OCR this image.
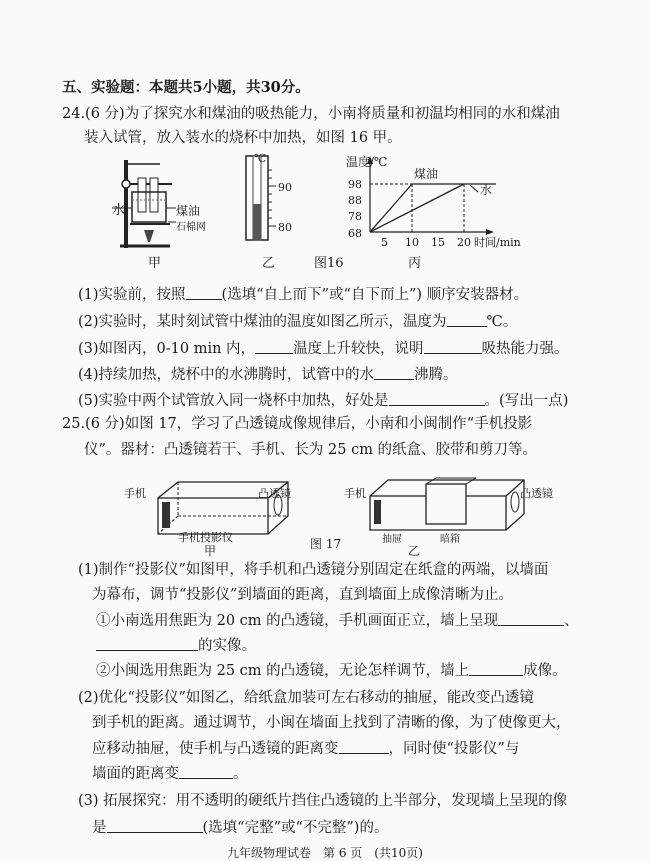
五、实验题：本题共5小题，共30分。
24.(6 分)为了探究水和煤油的吸热能力，小南将质量和初温均相同的水和煤油
装入试管，放入装水的烧杯中加热，如图 16 甲。
水	煤油
石棉网
甲
℃
90
80
乙	图16
温度/℃
煤油
水
98
88
78
68
5 10 15 20 时间/min
丙
(1)实验前，按照 (选填“自上而下”或“自下而上”) 顺序安装器材。
(2)实验时，某时刻试管中煤油的温度如图乙所示，温度为	℃。
(3)如图丙，0-10 min 内，	温度上升较快，说明	吸热能力强。
(4)持续加热，烧杯中的水沸腾时，试管中的水	沸腾。
(5)实验中两个试管放入同一烧杯中加热，好处是	。(写出一点)
25.(6 分)如图 17，学习了凸透镜成像规律后，小南和小闽制作“手机投影
仪”。器材：凸透镜若干、手机、长为 25 cm 的纸盒、胶带和剪刀等。
手机	凸透镜
手机投影仪
甲	图 17
手机	凸透镜
抽屉	暗箱
乙
(1)制作“投影仪”如图甲，将手机和凸透镜分别固定在纸盒的两端，以墙面
为幕布，调节“投影仪”到墙面的距离，直到墙面上成像清晰为止。
①小南选用焦距为 20 cm 的凸透镜，手机画面正立，墙上呈现	、
的实像。
②小闽选用焦距为 25 cm 的凸透镜，无论怎样调节，墙上	成像。
(2)优化“投影仪”如图乙，给纸盒加装可左右移动的抽屉，能改变凸透镜
到手机的距离。通过调节，小闽在墙面上找到了清晰的像，为了使像更大，
应移动抽屉，使手机与凸透镜的距离变	，同时使“投影仪”与
墙面的距离变	。
(3) 拓展探究：用不透明的硬纸片挡住凸透镜的上半部分，发现墙上呈现的像
是	(选填“完整”或“不完整”)的。
九年级物理试卷　第 6 页　(共10页)
